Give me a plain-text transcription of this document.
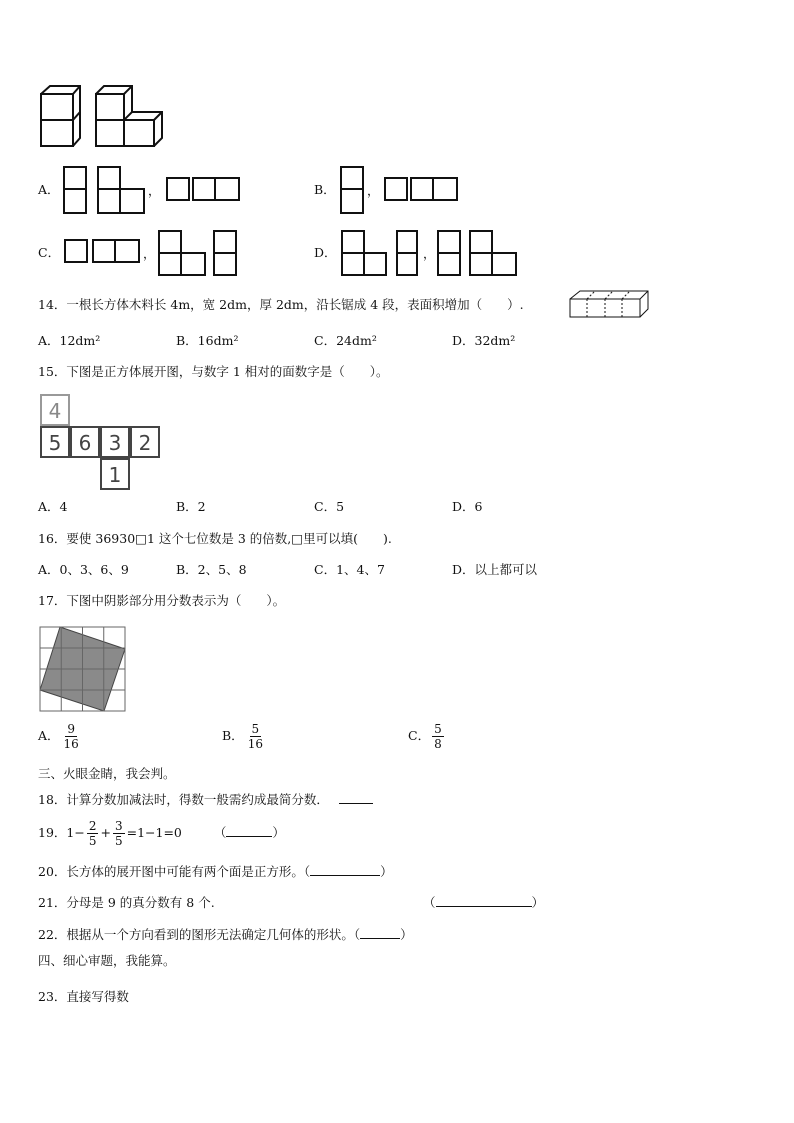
A．	，	B．	，
C．	，	D．	，
14．一根长方体木料长 4m，宽 2dm，厚 2dm，沿长锯成 4 段，表面积增加（　　）.
A．12dm²	B．16dm²	C．24dm²	D．32dm²
15．下图是正方体展开图，与数字 1 相对的面数字是（　　）。
4
5 6 3 2
1
A．4	B．2	C．5	D．6
16．要使 36930□1 这个七位数是 3 的倍数,□里可以填(　　).
A．0、3、6、9	B．2、5、8	C．1、4、7	D．以上都可以
17．下图中阴影部分用分数表示为（　　）。
A． $\frac{9}{16}$	B． $\frac{5}{16}$	C． $\frac{5}{8}$
三、火眼金睛，我会判。
18．计算分数加减法时，得数一般需约成最简分数．
19．$1- \frac{2}{5} + \frac{3}{5} =1-1=0$	（	）
20．长方体的展开图中可能有两个面是正方形。（	）
21．分母是 9 的真分数有 8 个.	（	）
22．根据从一个方向看到的图形无法确定几何体的形状。（	）
四、细心审题，我能算。
23．直接写得数
